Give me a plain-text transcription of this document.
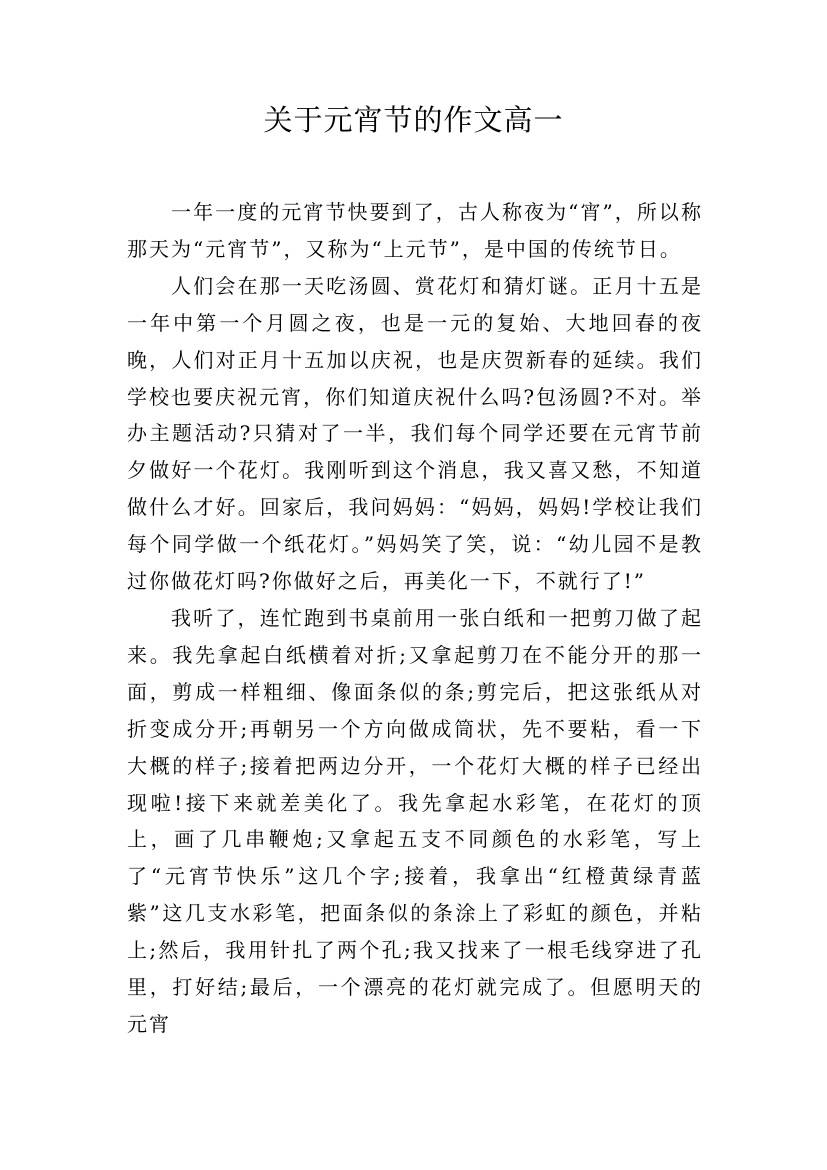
关于元宵节的作文高一

一年一度的元宵节快要到了，古人称夜为“宵”，所以称那天为“元宵节”，又称为“上元节”，是中国的传统节日。

人们会在那一天吃汤圆、赏花灯和猜灯谜。正月十五是一年中第一个月圆之夜，也是一元的复始、大地回春的夜晚，人们对正月十五加以庆祝，也是庆贺新春的延续。我们学校也要庆祝元宵，你们知道庆祝什么吗?包汤圆?不对。举办主题活动?只猜对了一半，我们每个同学还要在元宵节前夕做好一个花灯。我刚听到这个消息，我又喜又愁，不知道做什么才好。回家后，我问妈妈：“妈妈，妈妈!学校让我们每个同学做一个纸花灯。”妈妈笑了笑，说：“幼儿园不是教过你做花灯吗?你做好之后，再美化一下，不就行了!”

我听了，连忙跑到书桌前用一张白纸和一把剪刀做了起来。我先拿起白纸横着对折;又拿起剪刀在不能分开的那一面，剪成一样粗细、像面条似的条;剪完后，把这张纸从对折变成分开;再朝另一个方向做成筒状，先不要粘，看一下大概的样子;接着把两边分开，一个花灯大概的样子已经出现啦!接下来就差美化了。我先拿起水彩笔，在花灯的顶上，画了几串鞭炮;又拿起五支不同颜色的水彩笔，写上了“元宵节快乐”这几个字;接着，我拿出“红橙黄绿青蓝紫”这几支水彩笔，把面条似的条涂上了彩虹的颜色，并粘上;然后，我用针扎了两个孔;我又找来了一根毛线穿进了孔里，打好结;最后，一个漂亮的花灯就完成了。但愿明天的元宵
